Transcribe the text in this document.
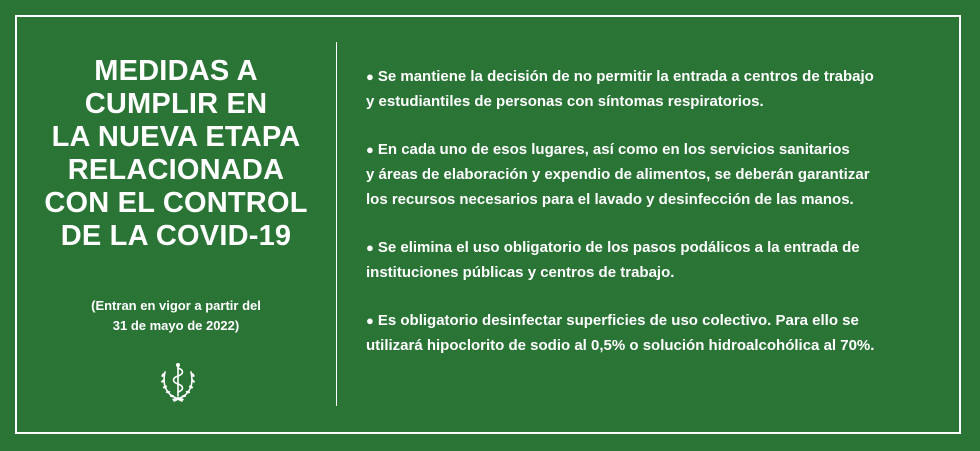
MEDIDAS A
CUMPLIR EN
LA NUEVA ETAPA
RELACIONADA
CON EL CONTROL
DE LA COVID-19
(Entran en vigor a partir del
31 de mayo de 2022)

● Se mantiene la decisión de no permitir la entrada a centros de trabajo
y estudiantiles de personas con síntomas respiratorios.

● En cada uno de esos lugares, así como en los servicios sanitarios
y áreas de elaboración y expendio de alimentos, se deberán garantizar
los recursos necesarios para el lavado y desinfección de las manos.

● Se elimina el uso obligatorio de los pasos podálicos a la entrada de
instituciones públicas y centros de trabajo.

● Es obligatorio desinfectar superficies de uso colectivo. Para ello se
utilizará hipoclorito de sodio al 0,5% o solución hidroalcohólica al 70%.
